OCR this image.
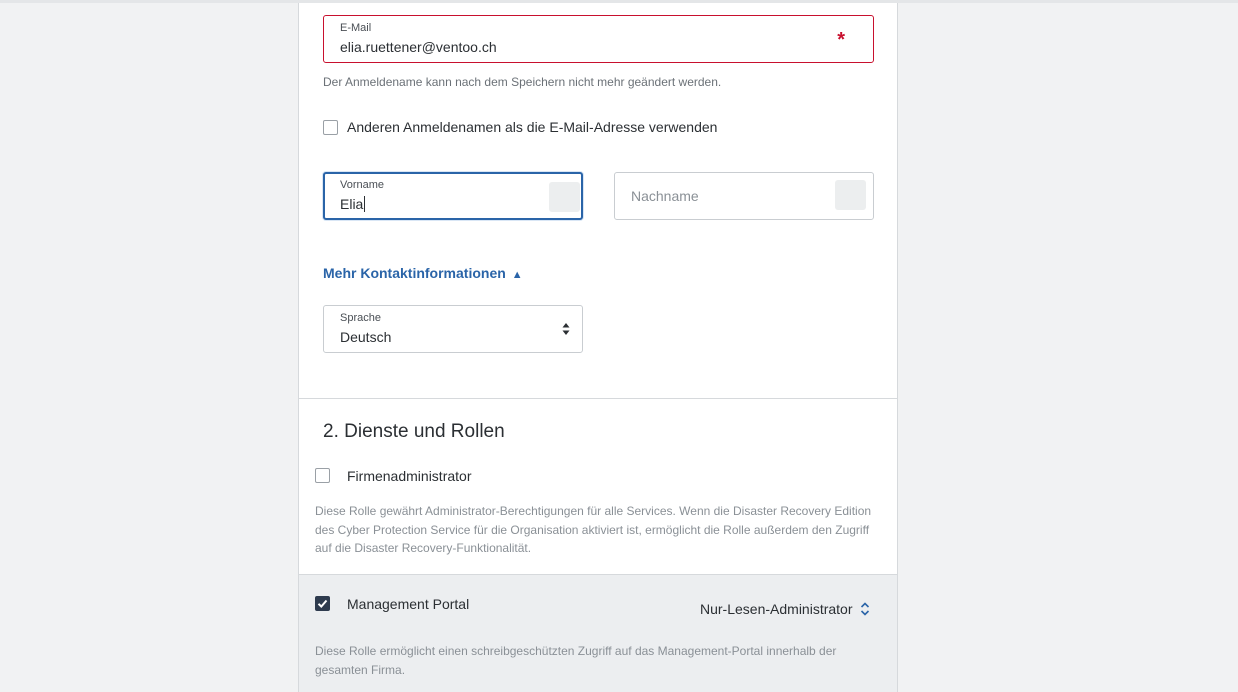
E-Mail
elia.ruettener@ventoo.ch	*
Der Anmeldename kann nach dem Speichern nicht mehr geändert werden.
Anderen Anmeldenamen als die E-Mail-Adresse verwenden
Vorname
Elia	Nachname
Mehr Kontaktinformationen ▲
Sprache
Deutsch
2. Dienste und Rollen
Firmenadministrator
Diese Rolle gewährt Administrator-Berechtigungen für alle Services. Wenn die Disaster Recovery Edition des Cyber Protection Service für die Organisation aktiviert ist, ermöglicht die Rolle außerdem den Zugriff auf die Disaster Recovery-Funktionalität.
Management Portal	Nur-Lesen-Administrator
Diese Rolle ermöglicht einen schreibgeschützten Zugriff auf das Management-Portal innerhalb der gesamten Firma.
